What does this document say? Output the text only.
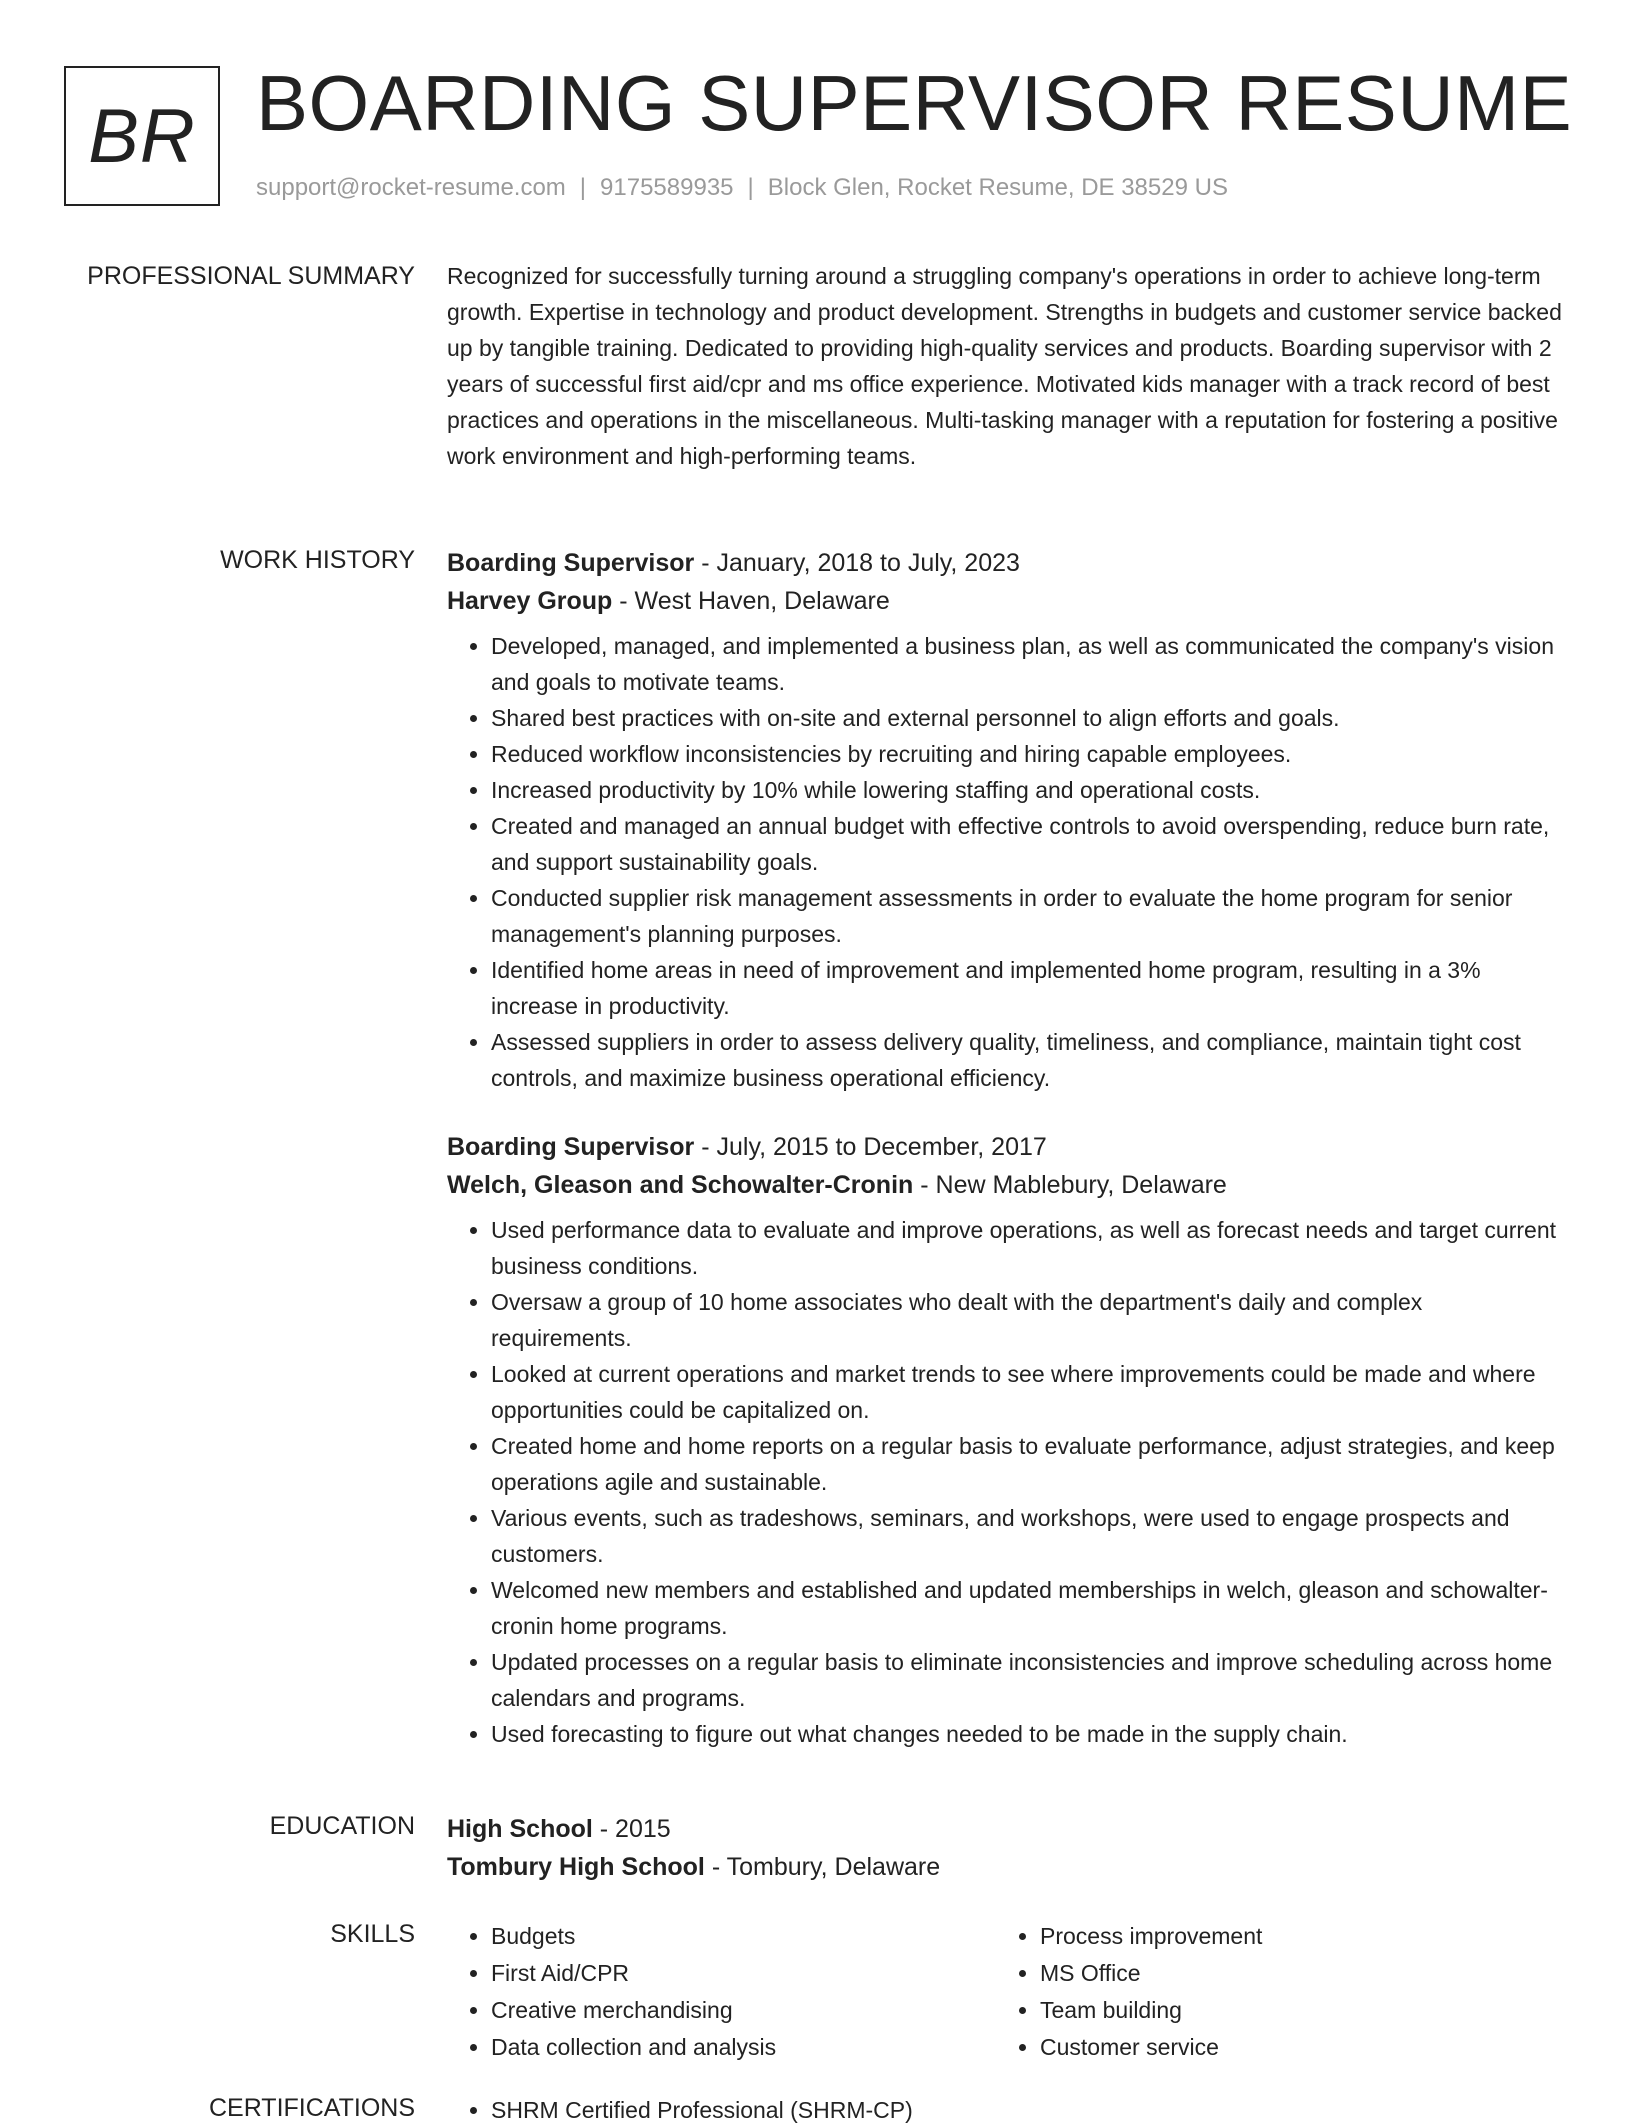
BR BOARDING SUPERVISOR RESUME
support@rocket-resume.com | 9175589935 | Block Glen, Rocket Resume, DE 38529 US
PROFESSIONAL SUMMARY Recognized for successfully turning around a struggling company's operations in order to achieve long-term growth. Expertise in technology and product development. Strengths in budgets and customer service backed up by tangible training. Dedicated to providing high-quality services and products. Boarding supervisor with 2 years of successful first aid/cpr and ms office experience. Motivated kids manager with a track record of best practices and operations in the miscellaneous. Multi-tasking manager with a reputation for fostering a positive work environment and high-performing teams.

WORK HISTORY Boarding Supervisor - January, 2018 to July, 2023
Harvey Group - West Haven, Delaware
• Developed, managed, and implemented a business plan, as well as communicated the company's vision and goals to motivate teams.
• Shared best practices with on-site and external personnel to align efforts and goals.
• Reduced workflow inconsistencies by recruiting and hiring capable employees.
• Increased productivity by 10% while lowering staffing and operational costs.
• Created and managed an annual budget with effective controls to avoid overspending, reduce burn rate, and support sustainability goals.
• Conducted supplier risk management assessments in order to evaluate the home program for senior management's planning purposes.
• Identified home areas in need of improvement and implemented home program, resulting in a 3% increase in productivity.
• Assessed suppliers in order to assess delivery quality, timeliness, and compliance, maintain tight cost controls, and maximize business operational efficiency.
Boarding Supervisor - July, 2015 to December, 2017
Welch, Gleason and Schowalter-Cronin - New Mablebury, Delaware
• Used performance data to evaluate and improve operations, as well as forecast needs and target current business conditions.
• Oversaw a group of 10 home associates who dealt with the department's daily and complex requirements.
• Looked at current operations and market trends to see where improvements could be made and where opportunities could be capitalized on.
• Created home and home reports on a regular basis to evaluate performance, adjust strategies, and keep operations agile and sustainable.
• Various events, such as tradeshows, seminars, and workshops, were used to engage prospects and customers.
• Welcomed new members and established and updated memberships in welch, gleason and schowalter-cronin home programs.
• Updated processes on a regular basis to eliminate inconsistencies and improve scheduling across home calendars and programs.
• Used forecasting to figure out what changes needed to be made in the supply chain.
EDUCATION High School - 2015
Tombury High School - Tombury, Delaware
SKILLS	• Budgets
• First Aid/CPR
• Creative merchandising
• Data collection and analysis
• Process improvement
• MS Office
• Team building
• Customer service
CERTIFICATIONS	• SHRM Certified Professional (SHRM-CP)
